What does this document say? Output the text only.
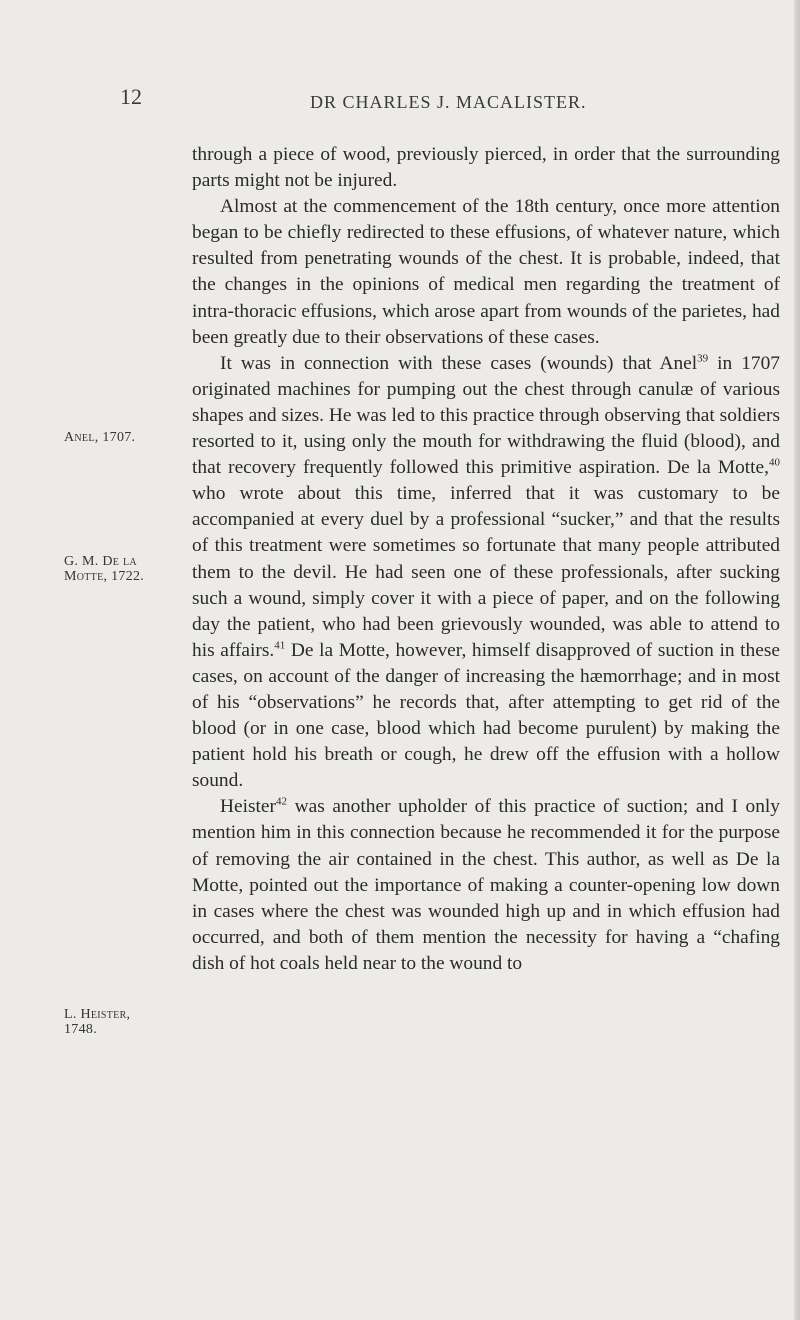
12	DR CHARLES J. MACALISTER.
Anel, 1707.
G. M. De la
Motte, 1722.
L. Heister,
1748.

through a piece of wood, previously pierced, in order that the surrounding parts might not be injured.

Almost at the commencement of the 18th century, once more attention began to be chiefly redirected to these effusions, of whatever nature, which resulted from penetrating wounds of the chest. It is probable, indeed, that the changes in the opinions of medical men regarding the treatment of intra-thoracic effusions, which arose apart from wounds of the parietes, had been greatly due to their observations of these cases.

It was in connection with these cases (wounds) that Anel$^{39}$ in 1707 originated machines for pumping out the chest through canulæ of various shapes and sizes. He was led to this practice through observing that soldiers resorted to it, using only the mouth for withdrawing the fluid (blood), and that recovery frequently followed this primitive aspiration. De la Motte,$^{40}$ who wrote about this time, inferred that it was customary to be accompanied at every duel by a professional “sucker,” and that the results of this treatment were sometimes so fortunate that many people attributed them to the devil. He had seen one of these professionals, after sucking such a wound, simply cover it with a piece of paper, and on the following day the patient, who had been grievously wounded, was able to attend to his affairs.$^{41}$ De la Motte, however, himself disapproved of suction in these cases, on account of the danger of increasing the hæmorrhage; and in most of his “observations” he records that, after attempting to get rid of the blood (or in one case, blood which had become purulent) by making the patient hold his breath or cough, he drew off the effusion with a hollow sound.

Heister$^{42}$ was another upholder of this practice of suction; and I only mention him in this connection because he recommended it for the purpose of removing the air contained in the chest. This author, as well as De la Motte, pointed out the importance of making a counter-opening low down in cases where the chest was wounded high up and in which effusion had occurred, and both of them mention the necessity for having a “chafing dish of hot coals held near to the wound to
